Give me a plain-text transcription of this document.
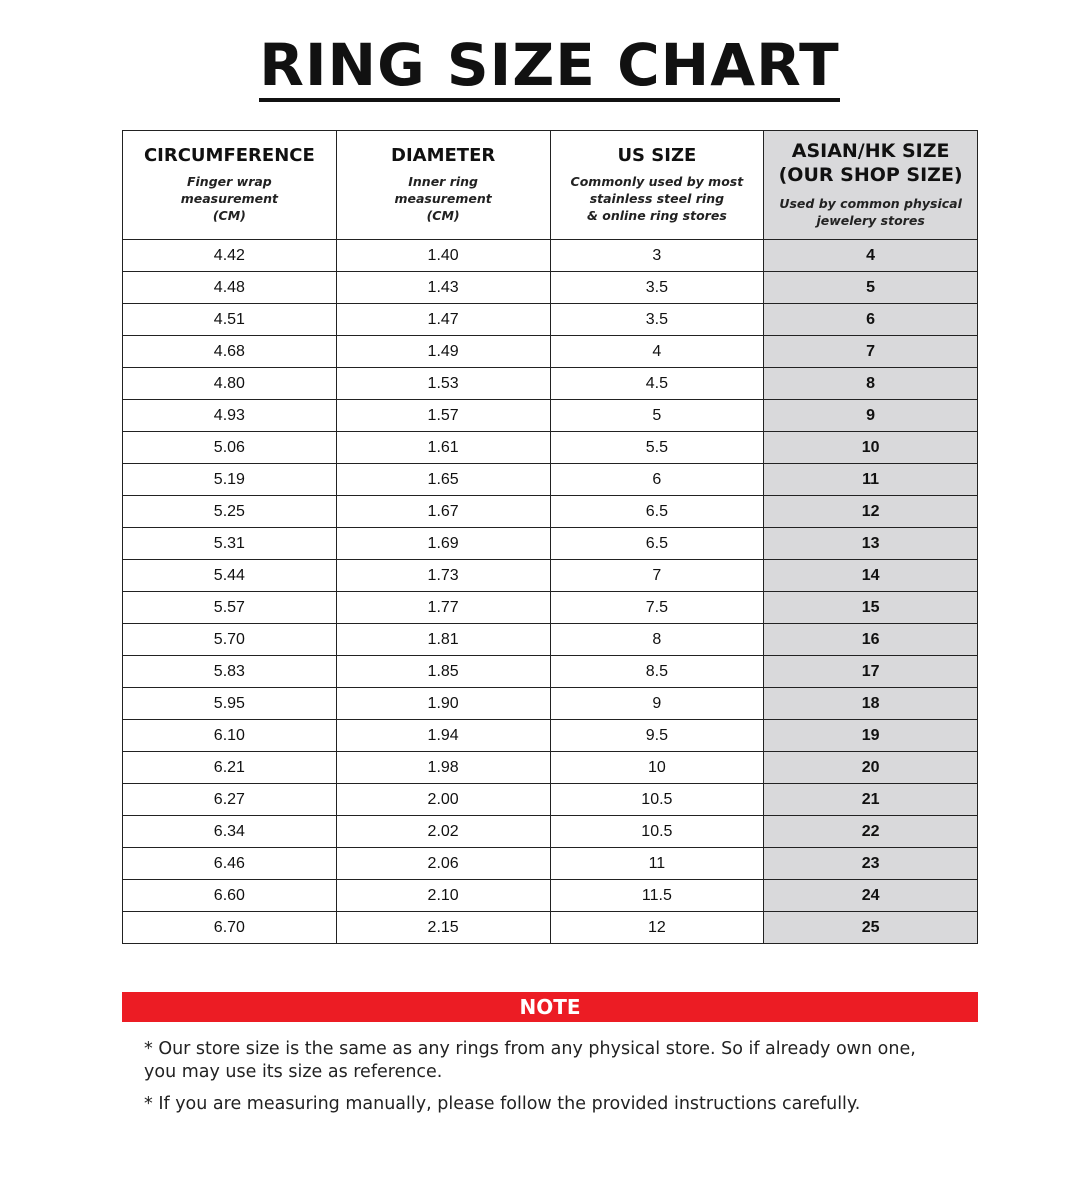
RING SIZE CHART
CIRCUMFERENCE
Finger wrap
measurement
(CM)	DIAMETER
Inner ring
measurement
(CM)	US SIZE
Commonly used by most
stainless steel ring
& online ring stores	ASIAN/HK SIZE
(OUR SHOP SIZE)
Used by common physical
jewelery stores

4.42	1.40	3	4
4.48	1.43	3.5	5
4.51	1.47	3.5	6
4.68	1.49	4	7
4.80	1.53	4.5	8
4.93	1.57	5	9
5.06	1.61	5.5	10
5.19	1.65	6	11
5.25	1.67	6.5	12
5.31	1.69	6.5	13
5.44	1.73	7	14
5.57	1.77	7.5	15
5.70	1.81	8	16
5.83	1.85	8.5	17
5.95	1.90	9	18
6.10	1.94	9.5	19
6.21	1.98	10	20
6.27	2.00	10.5	21
6.34	2.02	10.5	22
6.46	2.06	11	23
6.60	2.10	11.5	24
6.70	2.15	12	25
NOTE

* Our store size is the same as any rings from any physical store. So if already own one,
you may use its size as reference.

* If you are measuring manually, please follow the provided instructions carefully.
